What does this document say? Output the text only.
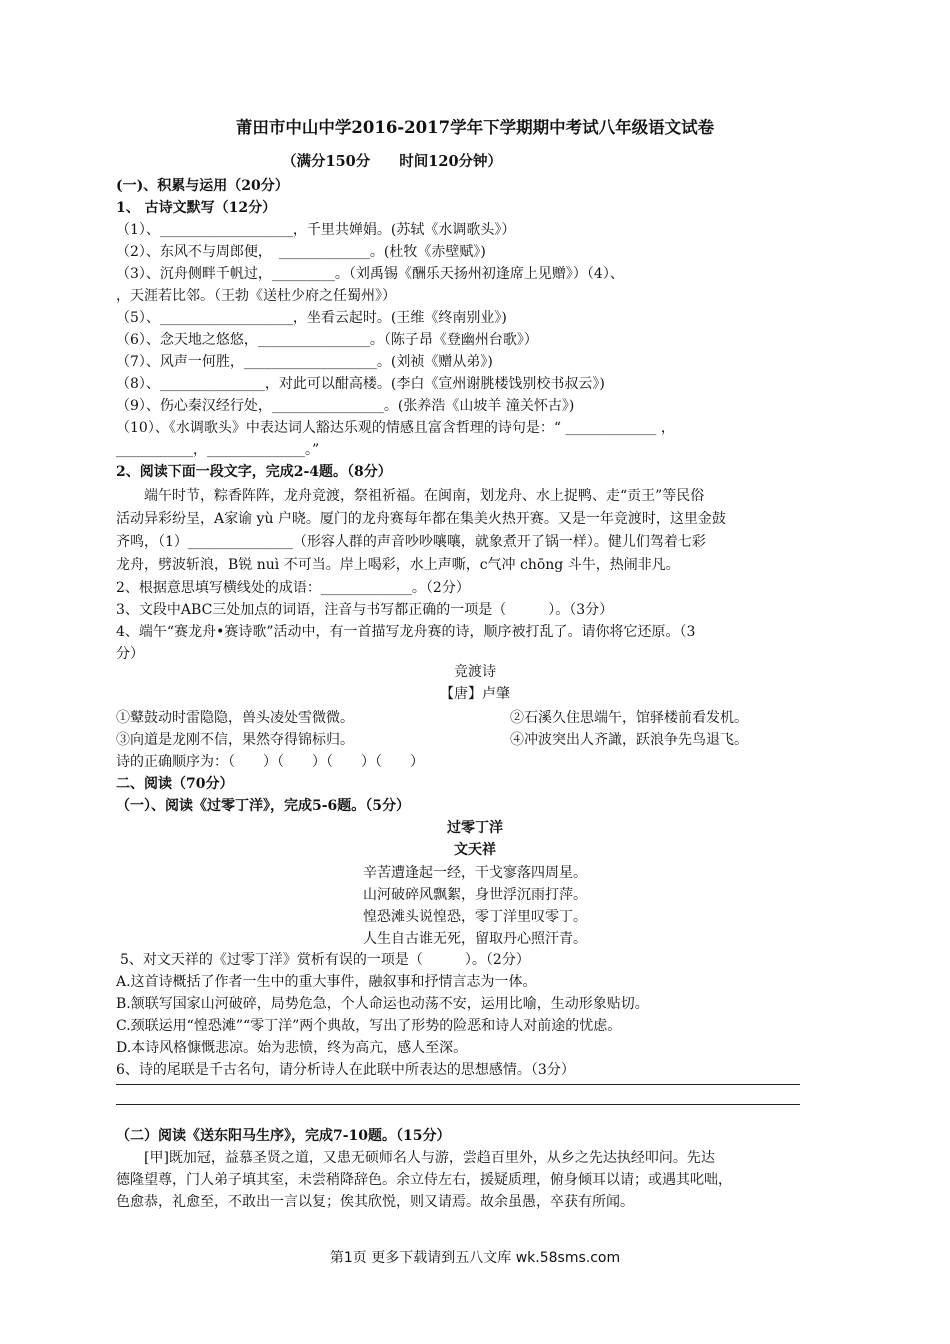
莆田市中山中学2016-2017学年下学期期中考试八年级语文试卷
（满分150分　　时间120分钟）
(一)、积累与运用（20分）
1、 古诗文默写（12分）
（1）、___________________，千里共婵娟。(苏轼《水调歌头》）
（2）、东风不与周郎便，　_____________。(杜牧《赤壁赋》)
（3）、沉舟侧畔千帆过，_________。（刘禹锡《酬乐天扬州初逢席上见赠》）（4）、
，天涯若比邻。（王勃《送杜少府之任蜀州》）
（5）、___________________，坐看云起时。(王维《终南别业》)
（6）、念天地之悠悠，________________。（陈子昂《登幽州台歌》）
（7）、风声一何胜，___________________。(刘祯《赠从弟》)
（8）、_______________，对此可以酣高楼。(李白《宣州谢朓楼饯别校书叔云》)
（9）、伤心秦汉经行处，________________。(张养浩《山坡羊 潼关怀古》)
（10）、《水调歌头》中表达词人豁达乐观的情感且富含哲理的诗句是：“ _____________ ，
___________，______________。”
2、阅读下面一段文字，完成2-4题。（8分）
　　端午时节，粽香阵阵，龙舟竞渡，祭祖祈福。在闽南，划龙舟、水上捉鸭、走“贡王”等民俗
活动异彩纷呈，A家谕 yù 户晓。厦门的龙舟赛每年都在集美火热开赛。又是一年竞渡时，这里金鼓
齐鸣，（1）_______________（形容人群的声音吵吵嚷嚷，就象煮开了锅一样）。健儿们驾着七彩
龙舟，劈波斩浪，B锐 nuì 不可当。岸上喝彩，水上声嘶，c气冲 chōng 斗牛，热闹非凡。
2、根据意思填写横线处的成语：_____________。（2分）
3、文段中ABC三处加点的词语，注音与书写都正确的一项是（　　　）。（3分）
4、端午“赛龙舟•赛诗歌”活动中，有一首描写龙舟赛的诗，顺序被打乱了。请你将它还原。（3
分）
竞渡诗
【唐】卢肇
①鼙鼓动时雷隐隐，兽头凌处雪微微。	②石溪久住思端午，馆驿楼前看发机。
③向道是龙刚不信，果然夺得锦标归。	④冲波突出人齐譀，跃浪争先鸟退飞。
诗的正确顺序为：（　　）（　　）（　　）（　　）
二、阅读（70分）
（一）、阅读《过零丁洋》，完成5-6题。（5分）
过零丁洋
文天祥
辛苦遭逢起一经，干戈寥落四周星。
山河破碎风飘絮，身世浮沉雨打萍。
惶恐滩头说惶恐，零丁洋里叹零丁。
人生自古谁无死，留取丹心照汗青。
5、对文天祥的《过零丁洋》赏析有误的一项是（　　　）。（2分）
A.这首诗概括了作者一生中的重大事件，融叙事和抒情言志为一体。
B.颔联写国家山河破碎，局势危急，个人命运也动荡不安，运用比喻，生动形象贴切。
C.颈联运用“惶恐滩”“零丁洋”两个典故，写出了形势的险恶和诗人对前途的忧虑。
D.本诗风格慷慨悲凉。始为悲愤，终为高亢，感人至深。
6、诗的尾联是千古名句，请分析诗人在此联中所表达的思想感情。（3分）
（二）阅读《送东阳马生序》，完成7-10题。（15分）
　　[甲]既加冠，益慕圣贤之道，又患无硕师名人与游，尝趋百里外，从乡之先达执经叩问。先达
德隆望尊，门人弟子填其室，未尝稍降辞色。余立侍左右，援疑质理，俯身倾耳以请；或遇其叱咄，
色愈恭，礼愈至，不敢出一言以复；俟其欣悦，则又请焉。故余虽愚，卒获有所闻。
第1页 更多下载请到五八文库 wk.58sms.com
